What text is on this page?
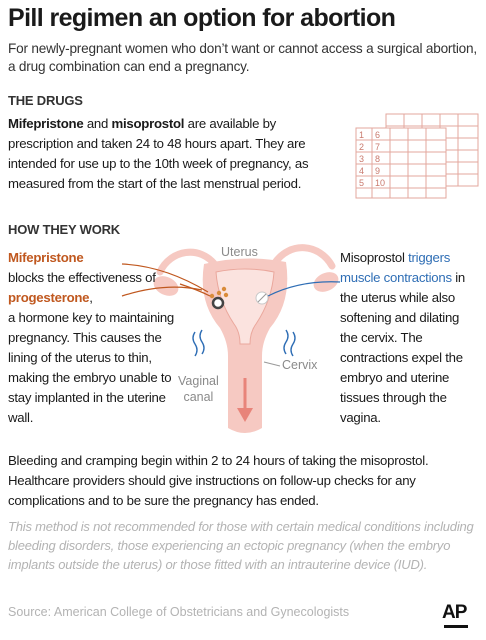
Pill regimen an option for abortion
For newly-pregnant women who don’t want or cannot access a surgical abortion, a drug combination can end a pregnancy.
THE DRUGS
Mifepristone and misoprostol are available by prescription and taken 24 to 48 hours apart. They are intended for use up to the 10th week of pregnancy, as measured from the start of the last menstrual period.
1
2
3
4
5
6
7
8
9
10
HOW THEY WORK
Uterus
Cervix
Vaginal
canal
Mifepristone
blocks the effectiveness of
progesterone,
a hormone key to maintaining pregnancy. This causes the lining of the uterus to thin, making the embryo unable to stay implanted in the uterine wall.
Misoprostol triggers muscle contractions in the uterus while also softening and dilating the cervix. The contractions expel the embryo and uterine tissues through the vagina.
Bleeding and cramping begin within 2 to 24 hours of taking the misoprostol. Healthcare providers should give instructions on follow-up checks for any complications and to be sure the pregnancy has ended.
This method is not recommended for those with certain medical conditions including bleeding disorders, those experiencing an ectopic pregnancy (when the embryo implants outside the uterus) or those fitted with an intrauterine device (IUD).
Source: American College of Obstetricians and Gynecologists	AP
